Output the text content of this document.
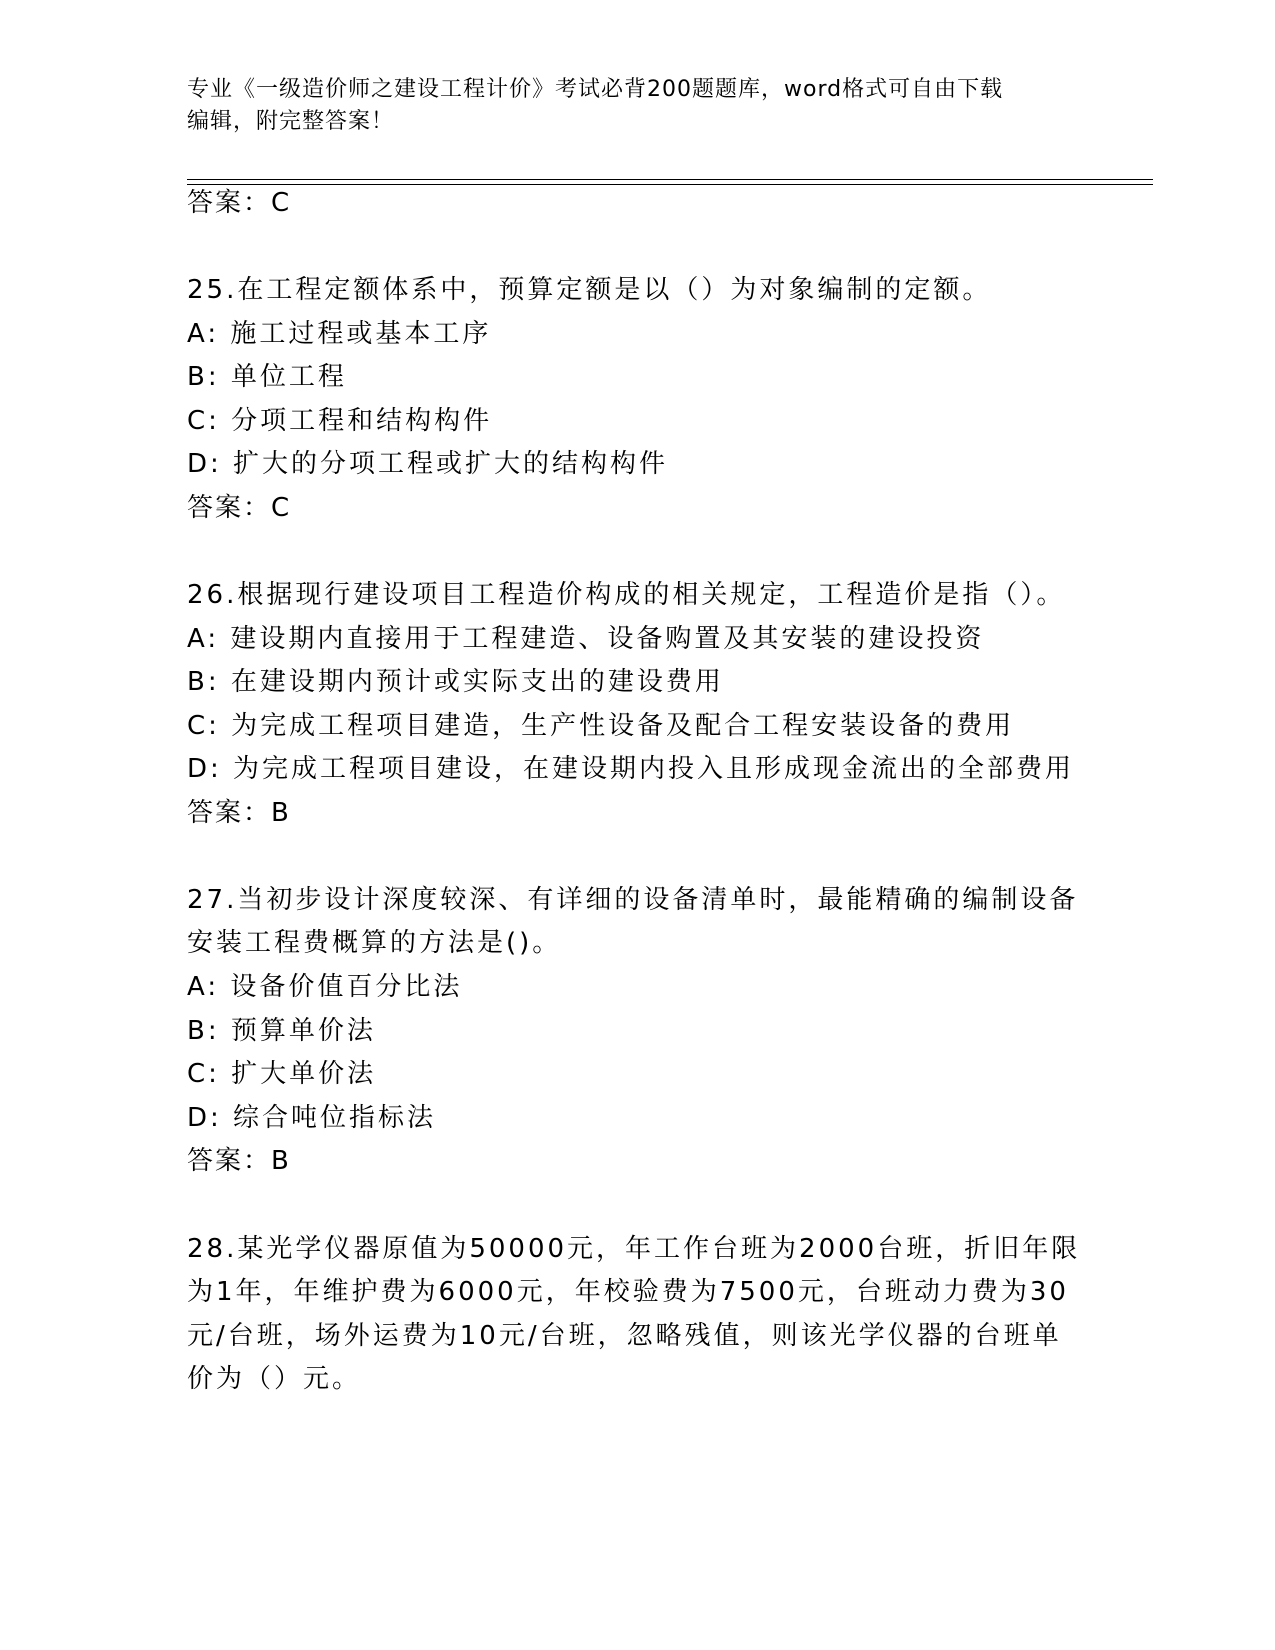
专业《一级造价师之建设工程计价》考试必背200题题库，word格式可自由下载
编辑，附完整答案！
答案：C
25.在工程定额体系中，预算定额是以（）为对象编制的定额。
A: 施工过程或基本工序
B: 单位工程
C: 分项工程和结构构件
D: 扩大的分项工程或扩大的结构构件
答案：C
26.根据现行建设项目工程造价构成的相关规定，工程造价是指（）。
A: 建设期内直接用于工程建造、设备购置及其安装的建设投资
B: 在建设期内预计或实际支出的建设费用
C: 为完成工程项目建造，生产性设备及配合工程安装设备的费用
D: 为完成工程项目建设，在建设期内投入且形成现金流出的全部费用
答案：B
27.当初步设计深度较深、有详细的设备清单时，最能精确的编制设备
安装工程费概算的方法是()。
A: 设备价值百分比法
B: 预算单价法
C: 扩大单价法
D: 综合吨位指标法
答案：B
28.某光学仪器原值为50000元，年工作台班为2000台班，折旧年限
为1年，年维护费为6000元，年校验费为7500元，台班动力费为30
元/台班，场外运费为10元/台班，忽略残值，则该光学仪器的台班单
价为（）元。
